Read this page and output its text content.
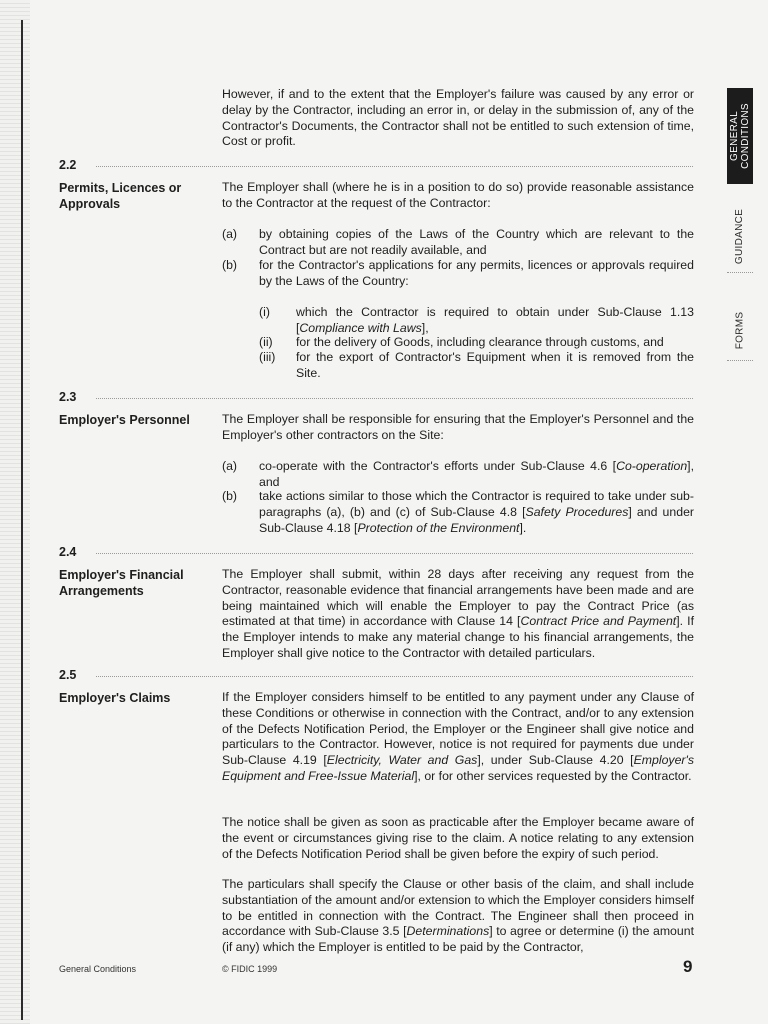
However, if and to the extent that the Employer's failure was caused by any error or delay by the Contractor, including an error in, or delay in the submission of, any of the Contractor's Documents, the Contractor shall not be entitled to such extension of time, Cost or profit.

2.2
Permits, Licences or Approvals

The Employer shall (where he is in a position to do so) provide reasonable assistance to the Contractor at the request of the Contractor:

(a) by obtaining copies of the Laws of the Country which are relevant to the Contract but are not readily available, and
(b) for the Contractor's applications for any permits, licences or approvals required by the Laws of the Country:
(i) which the Contractor is required to obtain under Sub-Clause 1.13 [Compliance with Laws],
(ii) for the delivery of Goods, including clearance through customs, and
(iii) for the export of Contractor's Equipment when it is removed from the Site.
2.3
Employer's Personnel	The Employer shall be responsible for ensuring that the Employer's Personnel and the Employer's other contractors on the Site:

(a) co-operate with the Contractor's efforts under Sub-Clause 4.6 [Co-operation], and
(b) take actions similar to those which the Contractor is required to take under sub-paragraphs (a), (b) and (c) of Sub-Clause 4.8 [Safety Procedures] and under Sub-Clause 4.18 [Protection of the Environment].
2.4
Employer's Financial Arrangements

The Employer shall submit, within 28 days after receiving any request from the Contractor, reasonable evidence that financial arrangements have been made and are being maintained which will enable the Employer to pay the Contract Price (as estimated at that time) in accordance with Clause 14 [Contract Price and Payment]. If the Employer intends to make any material change to his financial arrangements, the Employer shall give notice to the Contractor with detailed particulars.

2.5
Employer's Claims	If the Employer considers himself to be entitled to any payment under any Clause of these Conditions or otherwise in connection with the Contract, and/or to any extension of the Defects Notification Period, the Employer or the Engineer shall give notice and particulars to the Contractor. However, notice is not required for payments due under Sub-Clause 4.19 [Electricity, Water and Gas], under Sub-Clause 4.20 [Employer's Equipment and Free-Issue Material], or for other services requested by the Contractor.

The notice shall be given as soon as practicable after the Employer became aware of the event or circumstances giving rise to the claim. A notice relating to any extension of the Defects Notification Period shall be given before the expiry of such period.

The particulars shall specify the Clause or other basis of the claim, and shall include substantiation of the amount and/or extension to which the Employer considers himself to be entitled in connection with the Contract. The Engineer shall then proceed in accordance with Sub-Clause 3.5 [Determinations] to agree or determine (i) the amount (if any) which the Employer is entitled to be paid by the Contractor,

GENERAL CONDITIONS
GUIDANCE
FORMS
General Conditions	© FIDIC 1999	9
